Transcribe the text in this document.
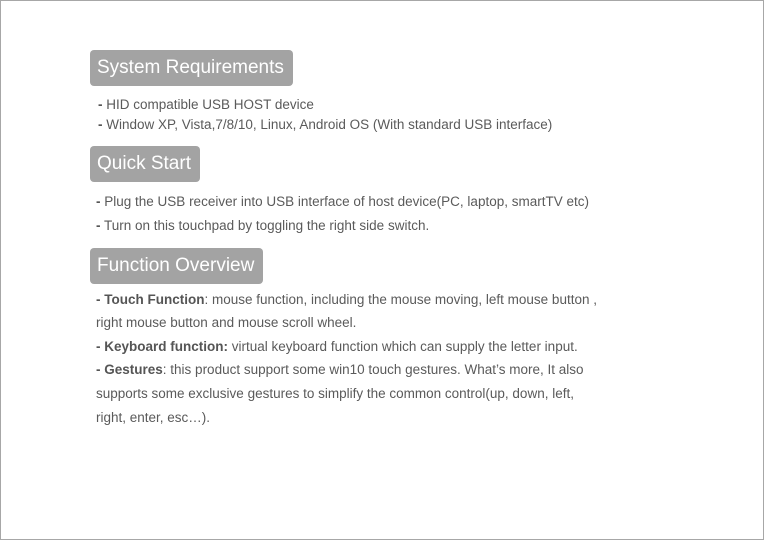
System Requirements
- HID compatible USB HOST device
- Window XP, Vista,7/8/10, Linux, Android OS (With standard USB interface)
Quick Start
- Plug the USB receiver into USB interface of host device(PC, laptop, smartTV etc)
- Turn on this touchpad by toggling the right side switch.
Function Overview
- Touch Function: mouse function, including the mouse moving, left mouse button ,
right mouse button and mouse scroll wheel.
- Keyboard function: virtual keyboard function which can supply the letter input.
- Gestures: this product support some win10 touch gestures. What’s more, It also
supports some exclusive gestures to simplify the common control(up, down, left,
right, enter, esc…).
